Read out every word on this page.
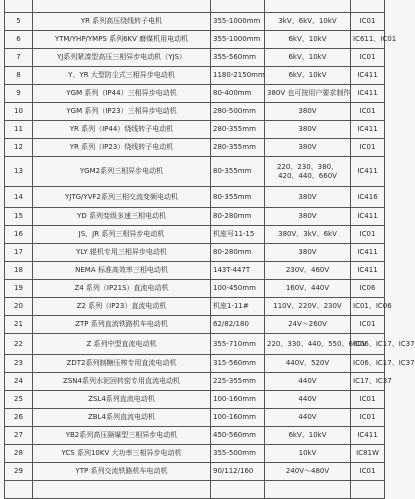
5	YR 系列高压绕线转子电机	355-1000mm	3kV、6kV、10kV	IC01
6	YTM/YHP/YMPS 系列6KV 磨煤机用电动机	355-1000mm	6kV、10kV	IC611、IC01
7	YJ系列紧凑型高压三相异步电动机（YJS）	355-560mm	6kV、10kV	IC01
8	Y、YR 大型防尘式三相异步电动机	1180-2150mm	6kV、10kV	IC411
9	YGM 系列（IP44）三相异步电动机	80-400mm	380V 也可按用户要求制作	IC411
10	YGM 系列（IP23）三相异步电动机	280-500mm	380V	IC01
11	YR 系列（IP44）绕线转子电动机	280-355mm	380V	IC411
12	YR 系列（IP23）绕线转子电动机	280-355mm	380V	IC01
13	YGM2系列三相异步电动机	80-355mm	220、230、380、420、440、660V	IC411
14	YJTG/YVF2系列三相交流变频电动机	80-355mm	380V	IC416
15	YD 系列变级多速三相电动机	80-280mm	380V	IC411
16	JS、JR 系列三相异步电动机	机座号11-15	380V、3kV、6kV	IC01
17	YLY 辊机专用三相异步电动机	80-280mm	380V	IC411
18	NEMA 标准高效率三相电动机	143T-447T	230V、460V	IC411
19	Z4 系列（IP21S）直流电动机	100-450mm	160V、440V	IC06
20	Z2 系列（IP23）直流电动机	机座1-11#	110V、220V、230V	IC01、IC06
21	ZTP 系列直流铁路机车电动机	62/82/180	24V～260V	IC01
22	Z 系列中型直流电动机	355-710mm	220、330、440、550、660V	IC06、IC17、IC37
23	ZDT2系列制糖压榨专用直流电动机	315-560mm	440V、520V	IC06、IC17、IC37
24	ZSN4系列水泥回转窑专用直流电动机	225-355mm	440V	IC17、IC37
25	ZSL4系列直流电动机	100-160mm	440V	IC01
26	ZBL4系列直流电动机	100-160mm	440V	IC01
27	YB2系列高压隔爆型三相异步电动机	450-560mm	6kV、10kV	IC411
28	YCS 系列10KV 大功率三相异步电动机	355-500mm	10kV	IC81W
29	YTP 系列交流铁路机车电动机	90/112/160	240V～480V	IC01
